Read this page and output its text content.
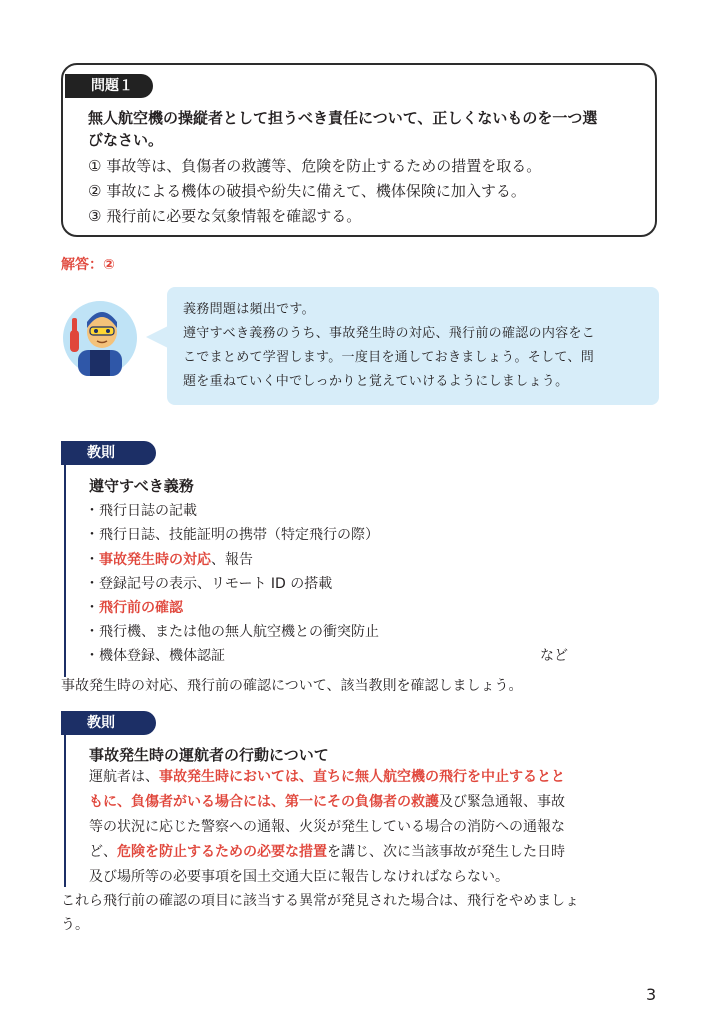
問題１
無人航空機の操縦者として担うべき責任について、正しくないものを一つ選
びなさい。
① 事故等は、負傷者の救護等、危険を防止するための措置を取る。
② 事故による機体の破損や紛失に備えて、機体保険に加入する。
③ 飛行前に必要な気象情報を確認する。
解答：②
義務問題は頻出です。
遵守すべき義務のうち、事故発生時の対応、飛行前の確認の内容をこ
こでまとめて学習します。一度目を通しておきましょう。そして、問
題を重ねていく中でしっかりと覚えていけるようにしましょう。
教則
遵守すべき義務
・飛行日誌の記載
・飛行日誌、技能証明の携帯（特定飛行の際）
・事故発生時の対応、報告
・登録記号の表示、リモート ID の搭載
・飛行前の確認
・飛行機、または他の無人航空機との衝突防止
・機体登録、機体認証	など
事故発生時の対応、飛行前の確認について、該当教則を確認しましょう。
教則
事故発生時の運航者の行動について
運航者は、事故発生時においては、直ちに無人航空機の飛行を中止するとと
もに、負傷者がいる場合には、第一にその負傷者の救護及び緊急通報、事故
等の状況に応じた警察への通報、火災が発生している場合の消防への通報な
ど、危険を防止するための必要な措置を講じ、次に当該事故が発生した日時
及び場所等の必要事項を国土交通大臣に報告しなければならない。
これら飛行前の確認の項目に該当する異常が発見された場合は、飛行をやめましょ
う。
3
